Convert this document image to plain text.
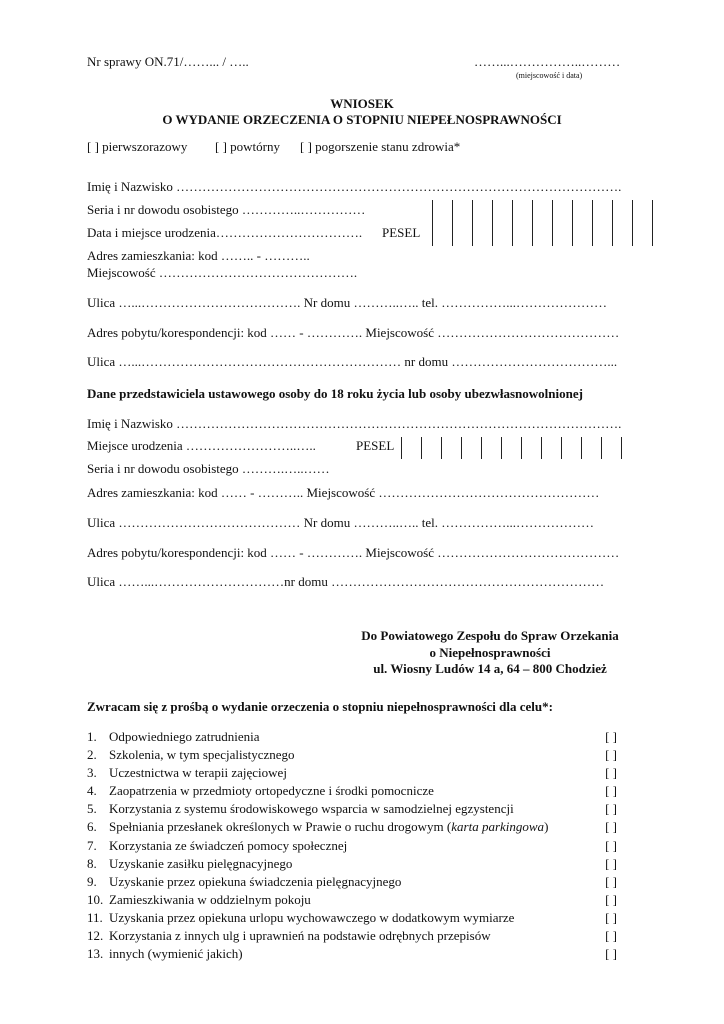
Nr sprawy ON.71/……... / …..	……...……………..………
(miejscowość i data)
WNIOSEK
O WYDANIE ORZECZENIA O STOPNIU NIEPEŁNOSPRAWNOŚCI
[ ] pierwszorazowy [ ] powtórny [ ] pogorszenie stanu zdrowia*
Imię i Nazwisko ………………………………………………………………………………………….
Seria i nr dowodu osobistego …………..……………
Data i miejsce urodzenia……………………………. PESEL
Adres zamieszkania: kod …….. - ………..
Miejscowość ……………………………………….
Ulica …...………………………………. Nr domu ………..….. tel. ……………...…………………
Adres pobytu/korespondencji: kod …… - …………. Miejscowość ……………………………………
Ulica …...…………………………………………………… nr domu ………………………………...
Dane przedstawiciela ustawowego osoby do 18 roku życia lub osoby ubezwłasnowolnionej
Imię i Nazwisko ………………………………………………………………………………………….
Miejsce urodzenia ……………………..…..	PESEL
Seria i nr dowodu osobistego ……….…..……
Adres zamieszkania: kod …… - ……….. Miejscowość ……………………………………………
Ulica …………………………………… Nr domu ………..….. tel. ……………...………………
Adres pobytu/korespondencji: kod …… - …………. Miejscowość ……………………………………
Ulica ……...…………………………nr domu ………………………………………………………
Do Powiatowego Zespołu do Spraw Orzekania
o Niepełnosprawności
ul. Wiosny Ludów 14 a, 64 – 800 Chodzież
Zwracam się z prośbą o wydanie orzeczenia o stopniu niepełnosprawności dla celu*:
1. Odpowiedniego zatrudnienia	[ ]
2. Szkolenia, w tym specjalistycznego	[ ]
3. Uczestnictwa w terapii zajęciowej	[ ]
4. Zaopatrzenia w przedmioty ortopedyczne i środki pomocnicze	[ ]
5. Korzystania z systemu środowiskowego wsparcia w samodzielnej egzystencji	[ ]
6. Spełniania przesłanek określonych w Prawie o ruchu drogowym (karta parkingowa)	[ ]
7. Korzystania ze świadczeń pomocy społecznej	[ ]
8. Uzyskanie zasiłku pielęgnacyjnego	[ ]
9. Uzyskanie przez opiekuna świadczenia pielęgnacyjnego	[ ]
10. Zamieszkiwania w oddzielnym pokoju	[ ]
11. Uzyskania przez opiekuna urlopu wychowawczego w dodatkowym wymiarze	[ ]
12. Korzystania z innych ulg i uprawnień na podstawie odrębnych przepisów	[ ]
13. innych (wymienić jakich)	[ ]
